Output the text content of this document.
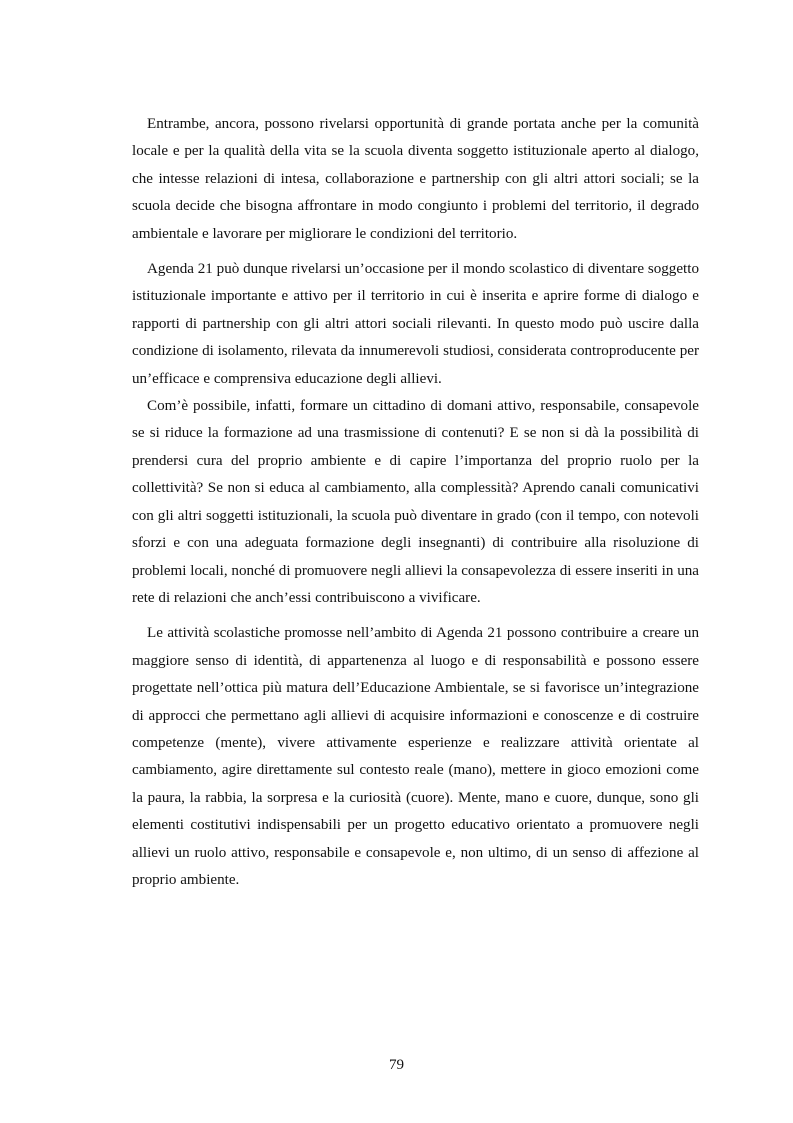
Entrambe, ancora, possono rivelarsi opportunità di grande portata anche per la comunità locale e per la qualità della vita se la scuola diventa soggetto istituzionale aperto al dialogo, che intesse relazioni di intesa, collaborazione e partnership con gli altri attori sociali; se la scuola decide che bisogna affrontare in modo congiunto i problemi del territorio, il degrado ambientale e lavorare per migliorare le condizioni del territorio.

Agenda 21 può dunque rivelarsi un’occasione per il mondo scolastico di diventare soggetto istituzionale importante e attivo per il territorio in cui è inserita e aprire forme di dialogo e rapporti di partnership con gli altri attori sociali rilevanti. In questo modo può uscire dalla condizione di isolamento, rilevata da innumerevoli studiosi, considerata controproducente per un’efficace e comprensiva educazione degli allievi.

Com’è possibile, infatti, formare un cittadino di domani attivo, responsabile, consapevole se si riduce la formazione ad una trasmissione di contenuti? E se non si dà la possibilità di prendersi cura del proprio ambiente e di capire l’importanza del proprio ruolo per la collettività? Se non si educa al cambiamento, alla complessità? Aprendo canali comunicativi con gli altri soggetti istituzionali, la scuola può diventare in grado (con il tempo, con notevoli sforzi e con una adeguata formazione degli insegnanti) di contribuire alla risoluzione di problemi locali, nonché di promuovere negli allievi la consapevolezza di essere inseriti in una rete di relazioni che anch’essi contribuiscono a vivificare.

Le attività scolastiche promosse nell’ambito di Agenda 21 possono contribuire a creare un maggiore senso di identità, di appartenenza al luogo e di responsabilità e possono essere progettate nell’ottica più matura dell’Educazione Ambientale, se si favorisce un’integrazione di approcci che permettano agli allievi di acquisire informazioni e conoscenze e di costruire competenze (mente), vivere attivamente esperienze e realizzare attività orientate al cambiamento, agire direttamente sul contesto reale (mano), mettere in gioco emozioni come la paura, la rabbia, la sorpresa e la curiosità (cuore). Mente, mano e cuore, dunque, sono gli elementi costitutivi indispensabili per un progetto educativo orientato a promuovere negli allievi un ruolo attivo, responsabile e consapevole e, non ultimo, di un senso di affezione al proprio ambiente.

79
